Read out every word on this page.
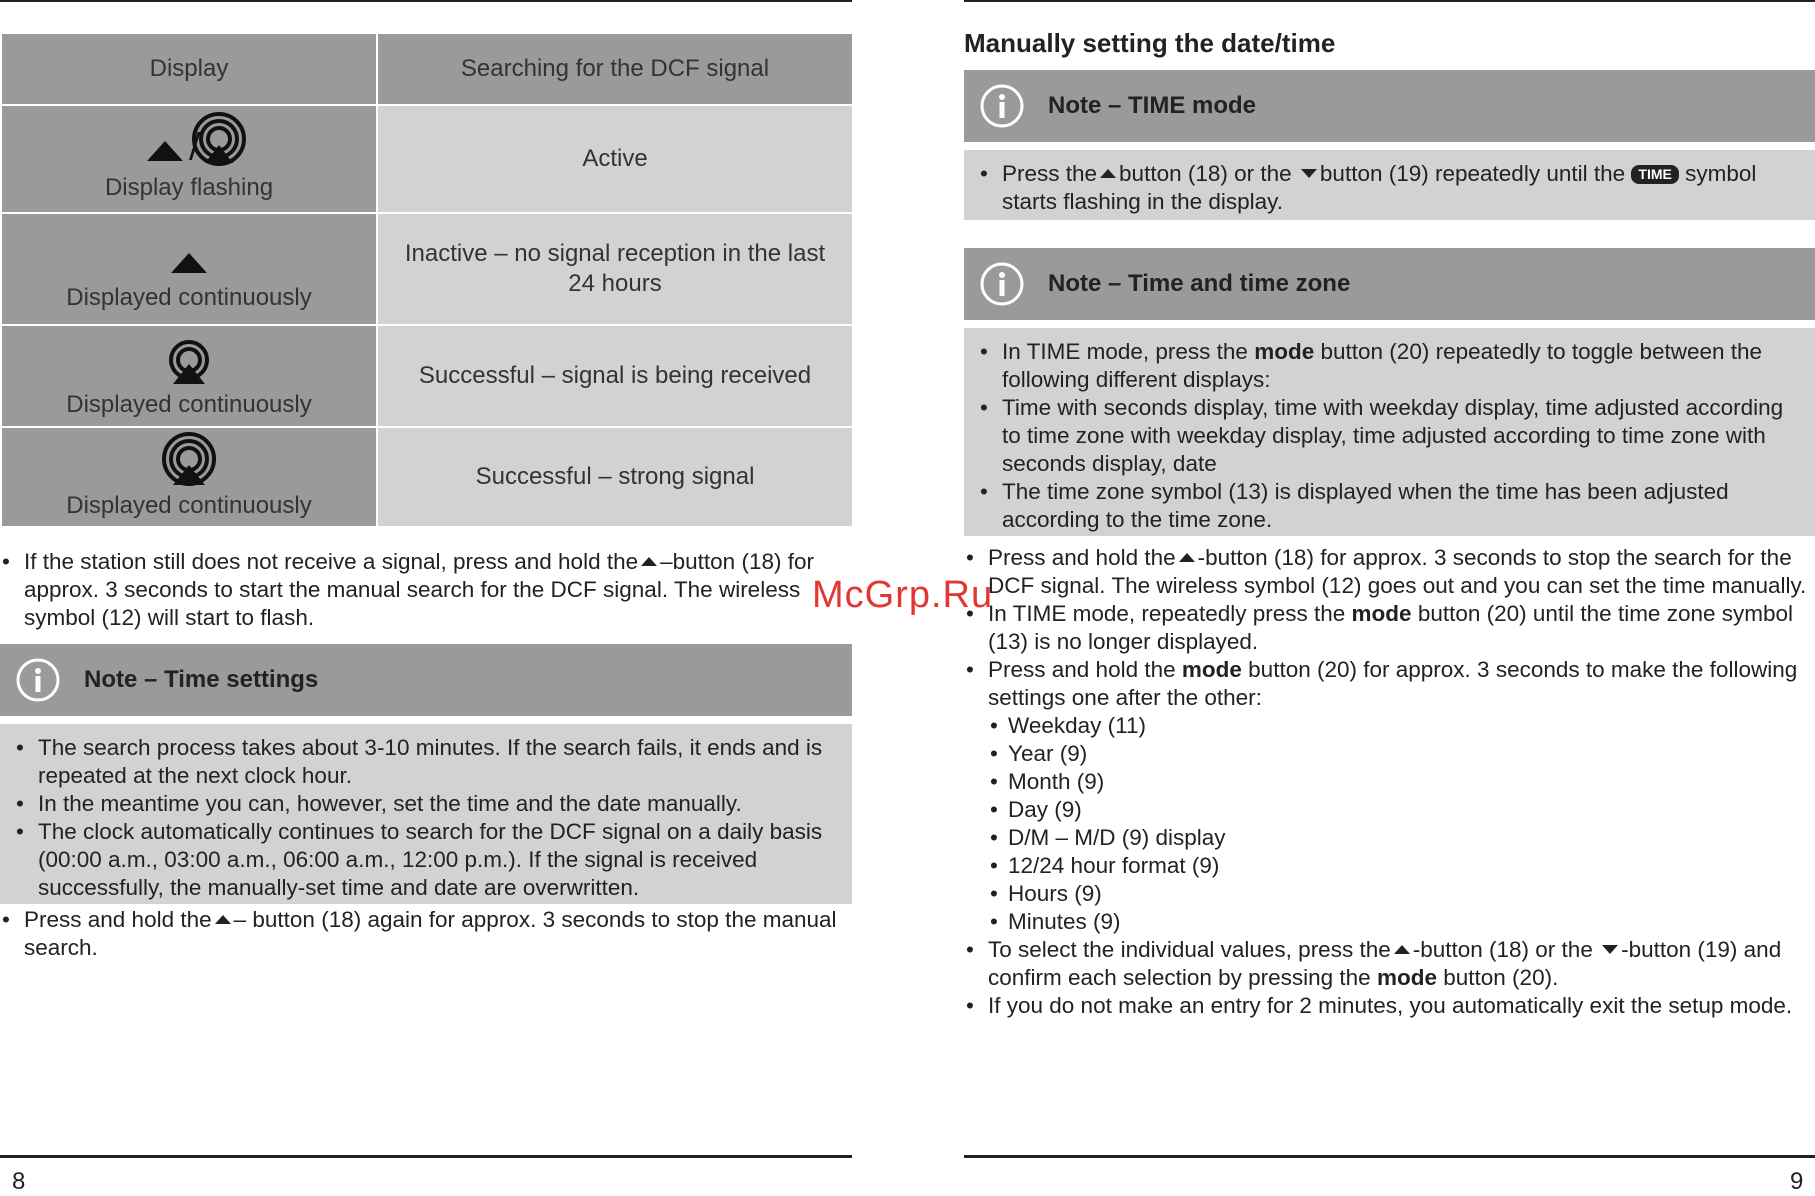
Display	Searching for the DCF signal

/
Display flashing	Active

Displayed continuously	Inactive – no signal reception in the last 24 hours

Displayed continuously	Successful – signal is being received

Displayed continuously	Successful – strong signal
• If the station still does not receive a signal, press and hold the –button (18) for approx. 3 seconds to start the manual search for the DCF signal. The wireless symbol (12) will start to flash.
Note – Time settings
• The search process takes about 3-10 minutes. If the search fails, it ends and is repeated at the next clock hour.
• In the meantime you can, however, set the time and the date manually.
• The clock automatically continues to search for the DCF signal on a daily basis (00:00 a.m., 03:00 a.m., 06:00 a.m., 12:00 p.m.). If the signal is received successfully, the manually-set time and date are overwritten.
• Press and hold the – button (18) again for approx. 3 seconds to stop the manual search.
8
Manually setting the date/time
Note – TIME mode
• Press the button (18) or the button (19) repeatedly until the TIME symbol starts flashing in the display.
Note – Time and time zone
• In TIME mode, press the mode button (20) repeatedly to toggle between the following different displays:
• Time with seconds display, time with weekday display, time adjusted according to time zone with weekday display, time adjusted according to time zone with seconds display, date
• The time zone symbol (13) is displayed when the time has been adjusted according to the time zone.
• Press and hold the -button (18) for approx. 3 seconds to stop the search for the DCF signal. The wireless symbol (12) goes out and you can set the time manually.
• In TIME mode, repeatedly press the mode button (20) until the time zone symbol (13) is no longer displayed.
• Press and hold the mode button (20) for approx. 3 seconds to make the following settings one after the other:
• Weekday (11)
• Year (9)
• Month (9)
• Day (9)
• D/M – M/D (9) display
• 12/24 hour format (9)
• Hours (9)
• Minutes (9)
• To select the individual values, press the -button (18) or the -button (19) and confirm each selection by pressing the mode button (20).
• If you do not make an entry for 2 minutes, you automatically exit the setup mode.
9
McGrp.Ru
